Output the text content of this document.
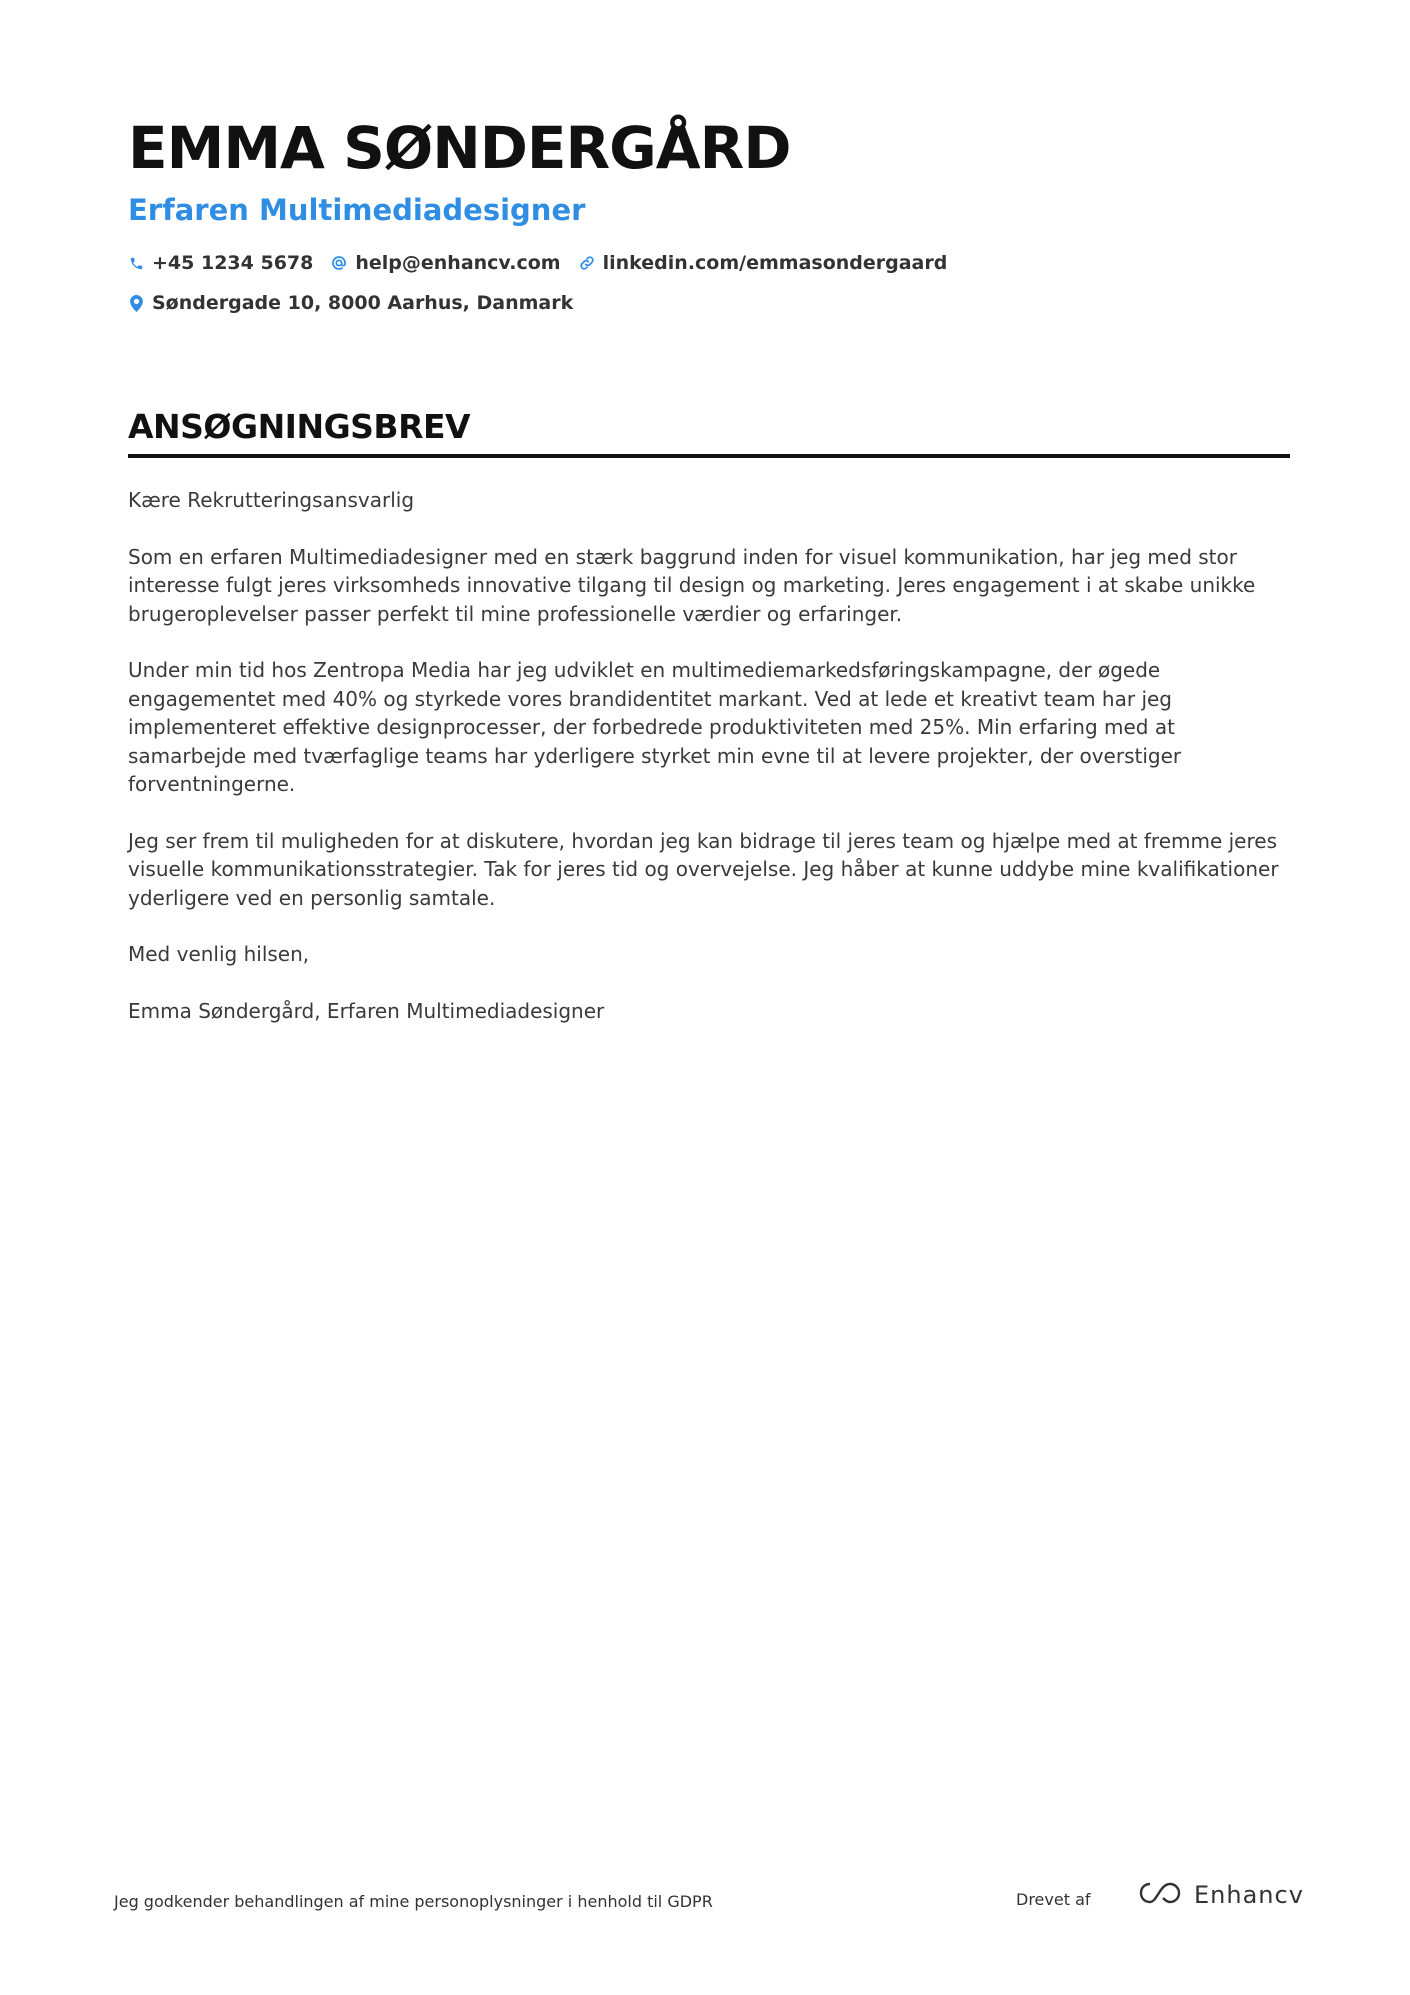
EMMA SØNDERGÅRD
Erfaren Multimediadesigner
+45 1234 5678 help@enhancv.com linkedin.com/emmasondergaard
Søndergade 10, 8000 Aarhus, Danmark
ANSØGNINGSBREV

Kære Rekrutteringsansvarlig

Som en erfaren Multimediadesigner med en stærk baggrund inden for visuel kommunikation, har jeg med stor interesse fulgt jeres virksomheds innovative tilgang til design og marketing. Jeres engagement i at skabe unikke brugeroplevelser passer perfekt til mine professionelle værdier og erfaringer.

Under min tid hos Zentropa Media har jeg udviklet en multimediemarkedsføringskampagne, der øgede engagementet med 40% og styrkede vores brandidentitet markant. Ved at lede et kreativt team har jeg implementeret effektive designprocesser, der forbedrede produktiviteten med 25%. Min erfaring med at samarbejde med tværfaglige teams har yderligere styrket min evne til at levere projekter, der overstiger forventningerne.

Jeg ser frem til muligheden for at diskutere, hvordan jeg kan bidrage til jeres team og hjælpe med at fremme jeres visuelle kommunikationsstrategier. Tak for jeres tid og overvejelse. Jeg håber at kunne uddybe mine kvalifikationer yderligere ved en personlig samtale.

Med venlig hilsen,

Emma Søndergård, Erfaren Multimediadesigner

Jeg godkender behandlingen af mine personoplysninger i henhold til GDPR	Drevet af	Enhancv
